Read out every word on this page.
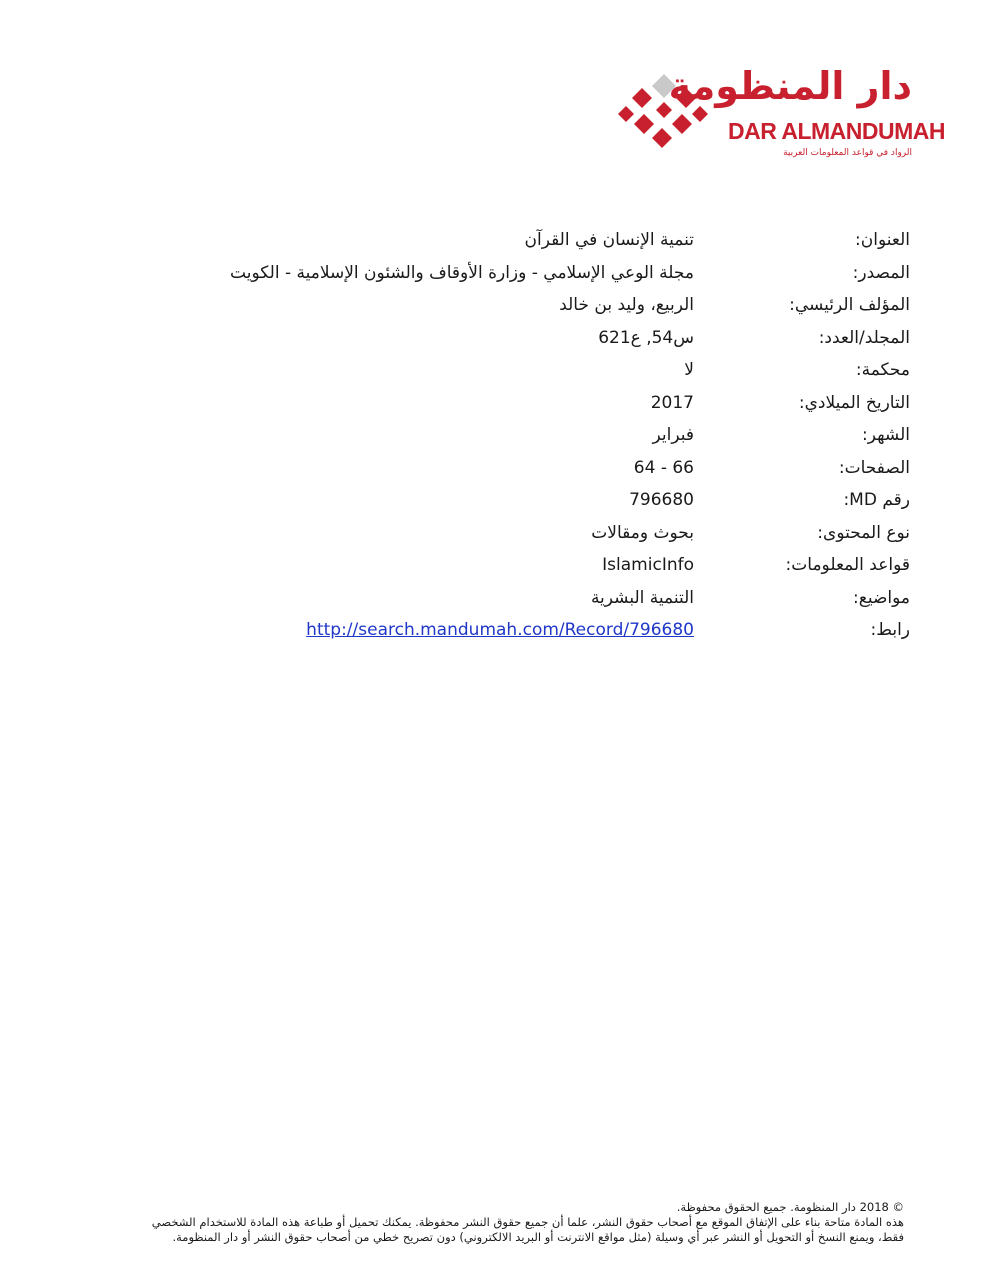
دار المنظومة
DAR ALMANDUMAH
الرواد في قواعد المعلومات العربية
العنوان:
تنمية الإنسان في القرآن
المصدر:
مجلة الوعي الإسلامي - وزارة الأوقاف والشئون الإسلامية - الكويت
المؤلف الرئيسي:
الربيع، وليد بن خالد
المجلد/العدد:
س54, ع621
محكمة:
لا
التاريخ الميلادي:
2017
الشهر:
فبراير
الصفحات:
64 - 66
رقم MD:
796680
نوع المحتوى:
بحوث ومقالات
قواعد المعلومات:
IslamicInfo
مواضيع:
التنمية البشرية
رابط:
http://search.mandumah.com/Record/796680

© 2018 دار المنظومة. جميع الحقوق محفوظة.

هذه المادة متاحة بناء على الإتفاق الموقع مع أصحاب حقوق النشر، علما أن جميع حقوق النشر محفوظة. يمكنك تحميل أو طباعة هذه المادة للاستخدام الشخصي

فقط، ويمنع النسخ أو التحويل أو النشر عبر أي وسيلة (مثل مواقع الانترنت أو البريد الالكتروني) دون تصريح خطي من أصحاب حقوق النشر أو دار المنظومة.
